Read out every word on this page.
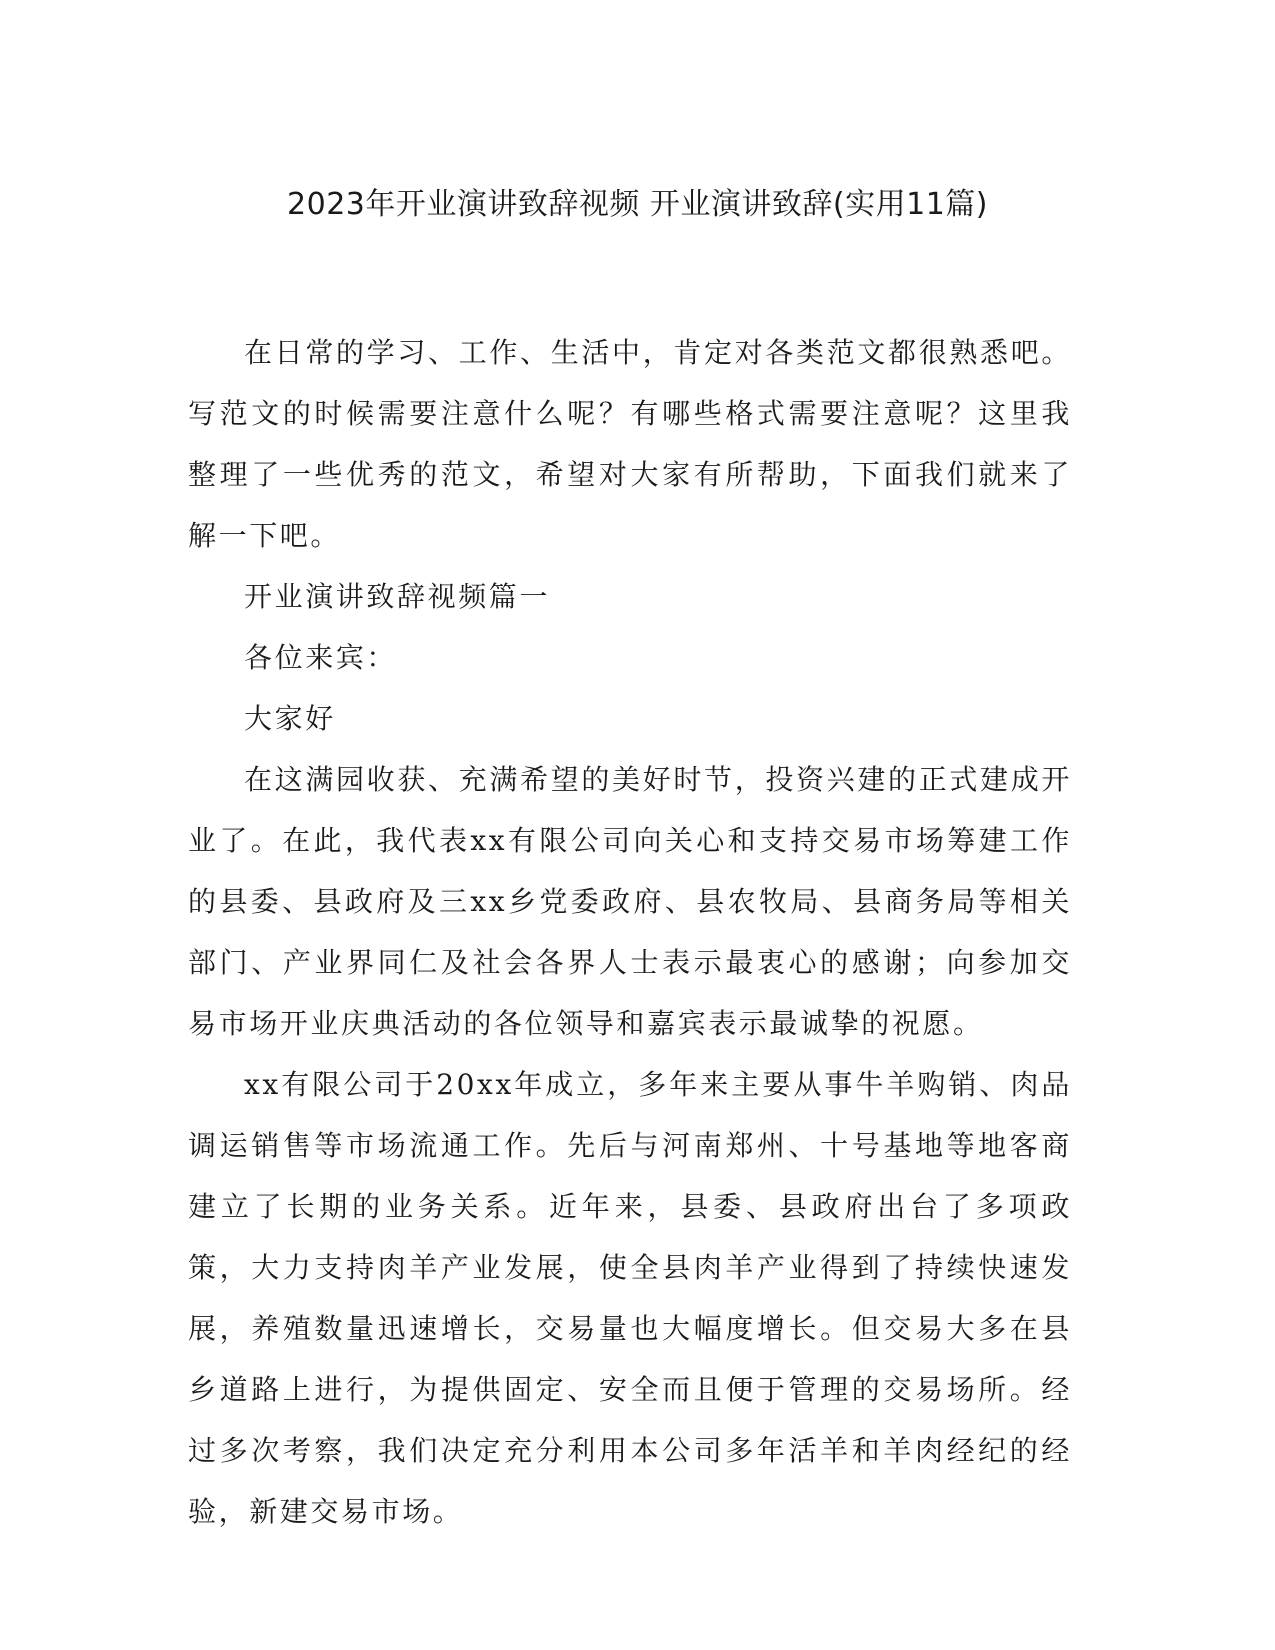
2023年开业演讲致辞视频 开业演讲致辞(实用11篇)

在日常的学习、工作、生活中，肯定对各类范文都很熟悉吧。写范文的时候需要注意什么呢？有哪些格式需要注意呢？这里我整理了一些优秀的范文，希望对大家有所帮助，下面我们就来了解一下吧。

开业演讲致辞视频篇一

各位来宾：

大家好

在这满园收获、充满希望的美好时节，投资兴建的正式建成开业了。在此，我代表xx有限公司向关心和支持交易市场筹建工作的县委、县政府及三xx乡党委政府、县农牧局、县商务局等相关部门、产业界同仁及社会各界人士表示最衷心的感谢；向参加交易市场开业庆典活动的各位领导和嘉宾表示最诚挚的祝愿。

xx有限公司于20xx年成立，多年来主要从事牛羊购销、肉品调运销售等市场流通工作。先后与河南郑州、十号基地等地客商建立了长期的业务关系。近年来，县委、县政府出台了多项政策，大力支持肉羊产业发展，使全县肉羊产业得到了持续快速发展，养殖数量迅速增长，交易量也大幅度增长。但交易大多在县乡道路上进行，为提供固定、安全而且便于管理的交易场所。经过多次考察，我们决定充分利用本公司多年活羊和羊肉经纪的经验，新建交易市场。
